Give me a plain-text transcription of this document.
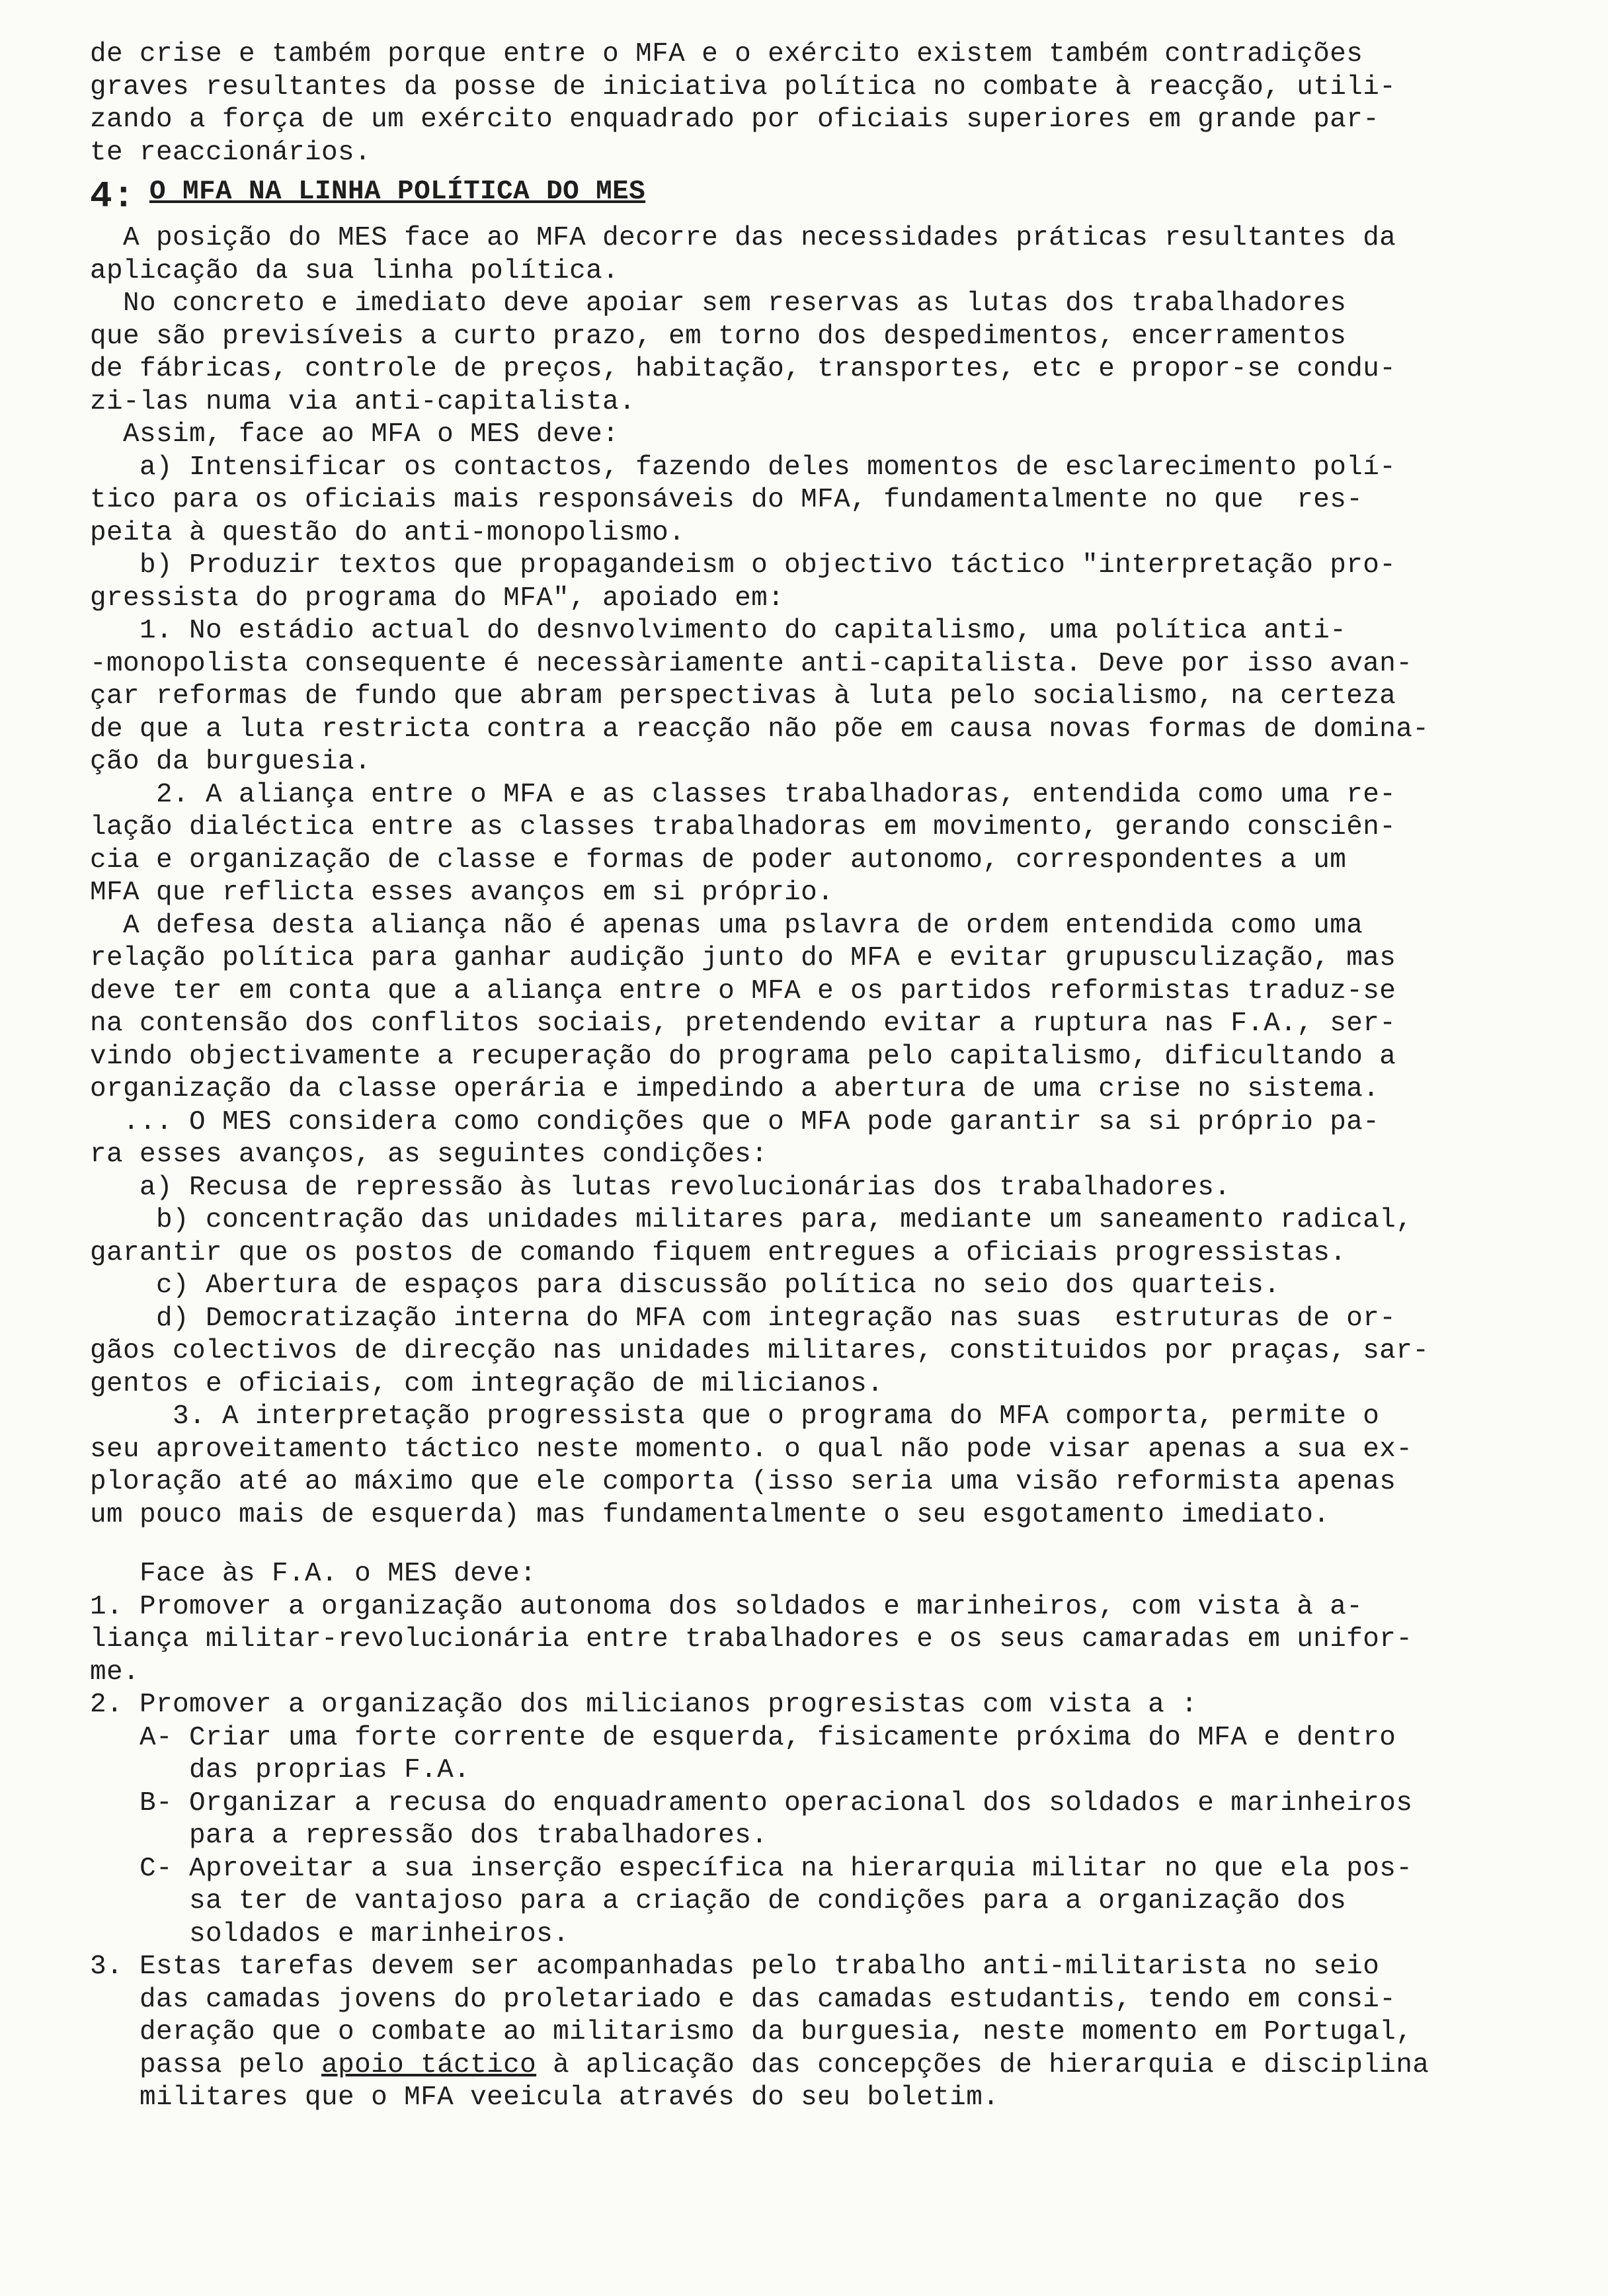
de crise e também porque entre o MFA e o exército existem também contradições
graves resultantes da posse de iniciativa política no combate à reacção, utili-
zando a força de um exército enquadrado por oficiais superiores em grande par-
te reaccionários.
4: O MFA NA LINHA POLÍTICA DO MES
A posição do MES face ao MFA decorre das necessidades práticas resultantes da
aplicação da sua linha política.
No concreto e imediato deve apoiar sem reservas as lutas dos trabalhadores
que são previsíveis a curto prazo, em torno dos despedimentos, encerramentos
de fábricas, controle de preços, habitação, transportes, etc e propor-se condu-
zi-las numa via anti-capitalista.
Assim, face ao MFA o MES deve:
a) Intensificar os contactos, fazendo deles momentos de esclarecimento polí-
tico para os oficiais mais responsáveis do MFA, fundamentalmente no que  res-
peita à questão do anti-monopolismo.
b) Produzir textos que propagandeism o objectivo táctico "interpretação pro-
gressista do programa do MFA", apoiado em:
1. No estádio actual do desnvolvimento do capitalismo, uma política anti-
-monopolista consequente é necessàriamente anti-capitalista. Deve por isso avan-
çar reformas de fundo que abram perspectivas à luta pelo socialismo, na certeza
de que a luta restricta contra a reacção não põe em causa novas formas de domina-
ção da burguesia.
2. A aliança entre o MFA e as classes trabalhadoras, entendida como uma re-
lação dialéctica entre as classes trabalhadoras em movimento, gerando consciên-
cia e organização de classe e formas de poder autonomo, correspondentes a um
MFA que reflicta esses avanços em si próprio.
A defesa desta aliança não é apenas uma pslavra de ordem entendida como uma
relação política para ganhar audição junto do MFA e evitar grupusculização, mas
deve ter em conta que a aliança entre o MFA e os partidos reformistas traduz-se
na contensão dos conflitos sociais, pretendendo evitar a ruptura nas F.A., ser-
vindo objectivamente a recuperação do programa pelo capitalismo, dificultando a
organização da classe operária e impedindo a abertura de uma crise no sistema.
... O MES considera como condições que o MFA pode garantir sa si próprio pa-
ra esses avanços, as seguintes condições:
a) Recusa de repressão às lutas revolucionárias dos trabalhadores.
b) concentração das unidades militares para, mediante um saneamento radical,
garantir que os postos de comando fiquem entregues a oficiais progressistas.
c) Abertura de espaços para discussão política no seio dos quarteis.
d) Democratização interna do MFA com integração nas suas  estruturas de or-
gãos colectivos de direcção nas unidades militares, constituidos por praças, sar-
gentos e oficiais, com integração de milicianos.
3. A interpretação progressista que o programa do MFA comporta, permite o
seu aproveitamento táctico neste momento. o qual não pode visar apenas a sua ex-
ploração até ao máximo que ele comporta (isso seria uma visão reformista apenas
um pouco mais de esquerda) mas fundamentalmente o seu esgotamento imediato.
Face às F.A. o MES deve:
1. Promover a organização autonoma dos soldados e marinheiros, com vista à a-
liança militar-revolucionária entre trabalhadores e os seus camaradas em unifor-
me.
2. Promover a organização dos milicianos progresistas com vista a :
A- Criar uma forte corrente de esquerda, fisicamente próxima do MFA e dentro
das proprias F.A.
B- Organizar a recusa do enquadramento operacional dos soldados e marinheiros
para a repressão dos trabalhadores.
C- Aproveitar a sua inserção específica na hierarquia militar no que ela pos-
sa ter de vantajoso para a criação de condições para a organização dos
soldados e marinheiros.
3. Estas tarefas devem ser acompanhadas pelo trabalho anti-militarista no seio
das camadas jovens do proletariado e das camadas estudantis, tendo em consi-
deração que o combate ao militarismo da burguesia, neste momento em Portugal,
passa pelo apoio táctico à aplicação das concepções de hierarquia e disciplina
militares que o MFA veeicula através do seu boletim.
